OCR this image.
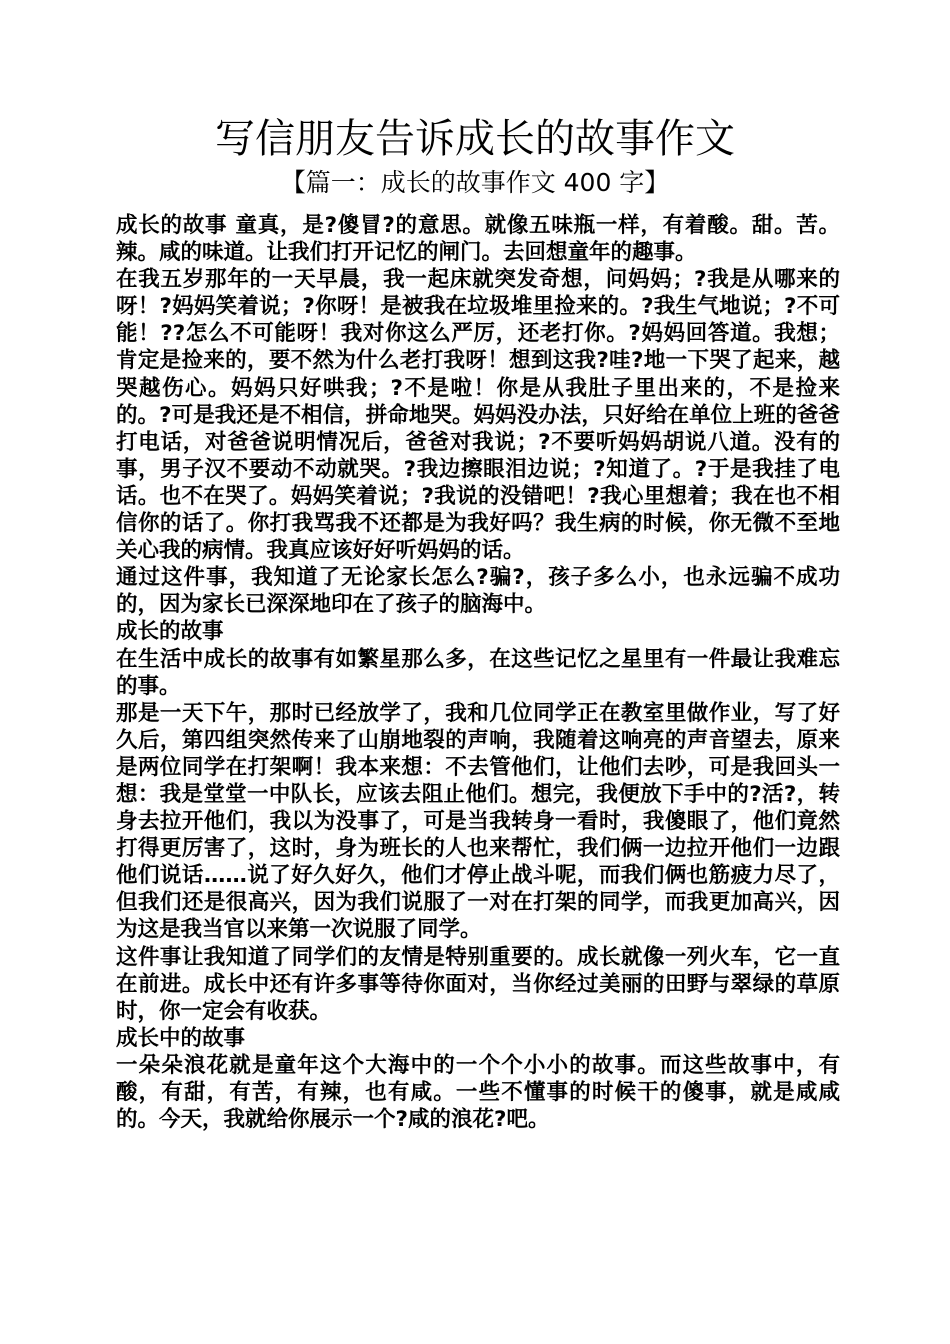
写信朋友告诉成长的故事作文
【篇一：成长的故事作文 400 字】

成长的故事 童真，是?傻冒?的意思。就像五味瓶一样，有着酸。甜。苦。辣。咸的味道。让我们打开记忆的闸门。去回想童年的趣事。

在我五岁那年的一天早晨，我一起床就突发奇想，问妈妈；?我是从哪来的呀！?妈妈笑着说；?你呀！是被我在垃圾堆里捡来的。?我生气地说；?不可能！??怎么不可能呀！我对你这么严厉，还老打你。?妈妈回答道。我想；肯定是捡来的，要不然为什么老打我呀！想到这我?哇?地一下哭了起来，越哭越伤心。妈妈只好哄我；?不是啦！你是从我肚子里出来的，不是捡来的。?可是我还是不相信，拼命地哭。妈妈没办法，只好给在单位上班的爸爸打电话，对爸爸说明情况后，爸爸对我说；?不要听妈妈胡说八道。没有的事，男子汉不要动不动就哭。?我边擦眼泪边说；?知道了。?于是我挂了电话。也不在哭了。妈妈笑着说；?我说的没错吧！?我心里想着；我在也不相信你的话了。你打我骂我不还都是为我好吗？我生病的时候，你无微不至地关心我的病情。我真应该好好听妈妈的话。

通过这件事，我知道了无论家长怎么?骗?，孩子多么小，也永远骗不成功的，因为家长已深深地印在了孩子的脑海中。

成长的故事

在生活中成长的故事有如繁星那么多，在这些记忆之星里有一件最让我难忘的事。

那是一天下午，那时已经放学了，我和几位同学正在教室里做作业，写了好久后，第四组突然传来了山崩地裂的声响，我随着这响亮的声音望去，原来是两位同学在打架啊！我本来想：不去管他们，让他们去吵，可是我回头一想：我是堂堂一中队长，应该去阻止他们。想完，我便放下手中的?活?，转身去拉开他们，我以为没事了，可是当我转身一看时，我傻眼了，他们竟然打得更厉害了，这时，身为班长的人也来帮忙，我们俩一边拉开他们一边跟他们说话……说了好久好久，他们才停止战斗呢，而我们俩也筋疲力尽了，但我们还是很高兴，因为我们说服了一对在打架的同学，而我更加高兴，因为这是我当官以来第一次说服了同学。

这件事让我知道了同学们的友情是特别重要的。成长就像一列火车，它一直在前进。成长中还有许多事等待你面对，当你经过美丽的田野与翠绿的草原时，你一定会有收获。

成长中的故事

一朵朵浪花就是童年这个大海中的一个个小小的故事。而这些故事中，有酸，有甜，有苦，有辣，也有咸。一些不懂事的时候干的傻事，就是咸咸的。今天，我就给你展示一个?咸的浪花?吧。
